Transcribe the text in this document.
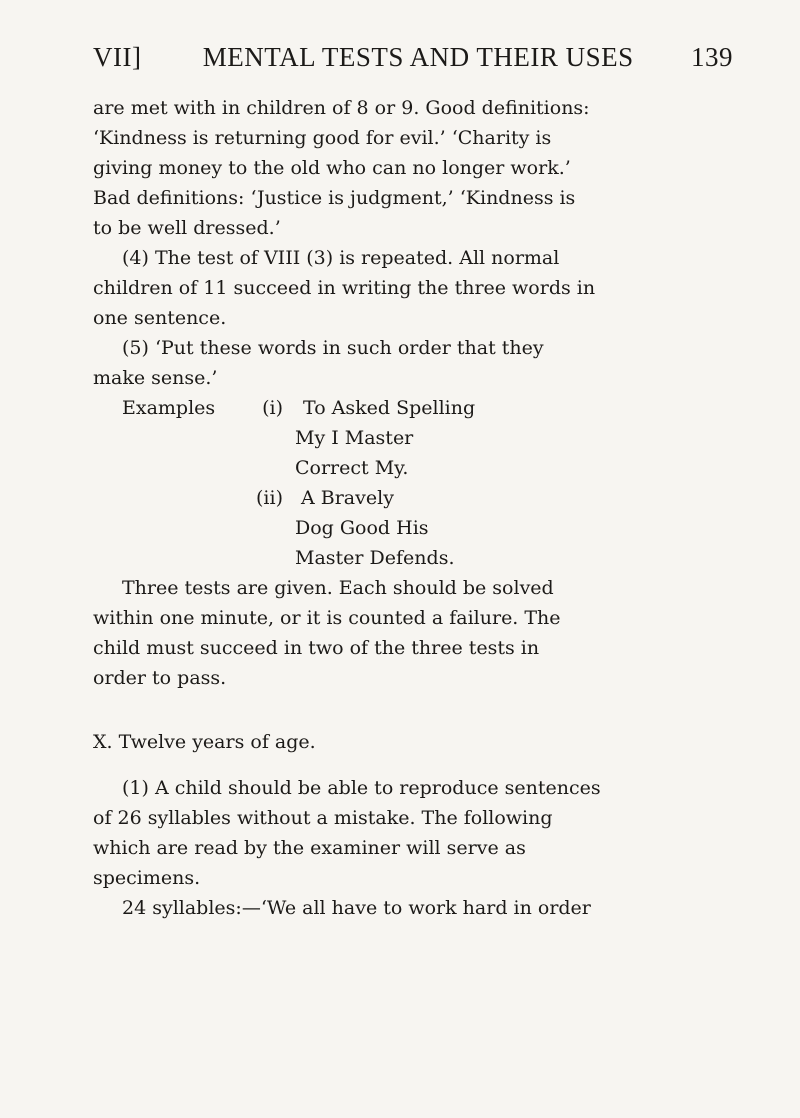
VII]	MENTAL TESTS AND THEIR USES	139

are met with in children of 8 or 9. Good definitions:

‘Kindness is returning good for evil.’ ‘Charity is

giving money to the old who can no longer work.’

Bad definitions: ‘Justice is judgment,’ ‘Kindness is

to be well dressed.’

(4) The test of VIII (3) is repeated. All normal

children of 11 succeed in writing the three words in

one sentence.

(5) ‘Put these words in such order that they

make sense.’

Examples	(i)	To Asked Spelling
My I Master
Correct My.
(ii) A Bravely
Dog Good His
Master Defends.

Three tests are given. Each should be solved

within one minute, or it is counted a failure. The

child must succeed in two of the three tests in

order to pass.

X. Twelve years of age.

(1) A child should be able to reproduce sentences

of 26 syllables without a mistake. The following

which are read by the examiner will serve as

specimens.

24 syllables:—‘We all have to work hard in order
